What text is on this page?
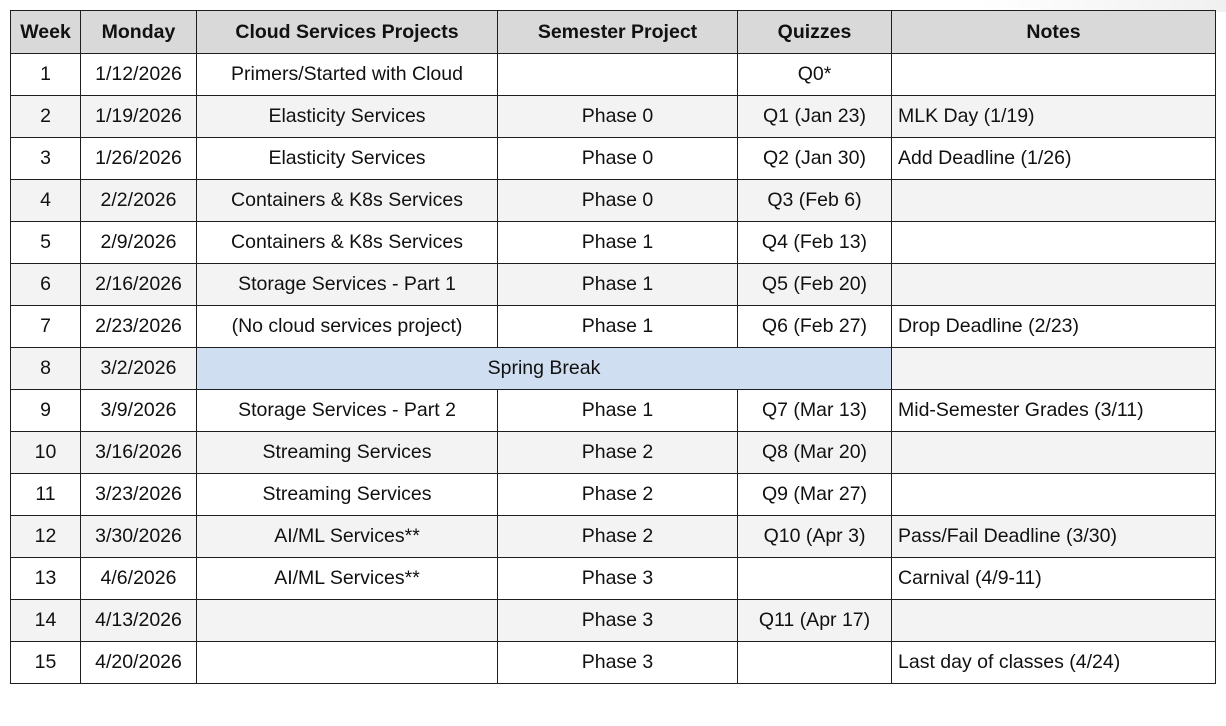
Week	Monday	Cloud Services Projects	Semester Project	Quizzes	Notes
1	1/12/2026	Primers/Started with Cloud		Q0*	
2	1/19/2026	Elasticity Services	Phase 0	Q1 (Jan 23)	MLK Day (1/19)
3	1/26/2026	Elasticity Services	Phase 0	Q2 (Jan 30)	Add Deadline (1/26)
4	2/2/2026	Containers & K8s Services	Phase 0	Q3 (Feb 6)	
5	2/9/2026	Containers & K8s Services	Phase 1	Q4 (Feb 13)	
6	2/16/2026	Storage Services - Part 1	Phase 1	Q5 (Feb 20)	
7	2/23/2026	(No cloud services project)	Phase 1	Q6 (Feb 27)	Drop Deadline (2/23)
8	3/2/2026	Spring Break			
9	3/9/2026	Storage Services - Part 2	Phase 1	Q7 (Mar 13)	Mid-Semester Grades (3/11)
10	3/16/2026	Streaming Services	Phase 2	Q8 (Mar 20)	
11	3/23/2026	Streaming Services	Phase 2	Q9 (Mar 27)	
12	3/30/2026	AI/ML Services**	Phase 2	Q10 (Apr 3)	Pass/Fail Deadline (3/30)
13	4/6/2026	AI/ML Services**	Phase 3		Carnival (4/9-11)
14	4/13/2026		Phase 3	Q11 (Apr 17)	
15	4/20/2026		Phase 3		Last day of classes (4/24)
